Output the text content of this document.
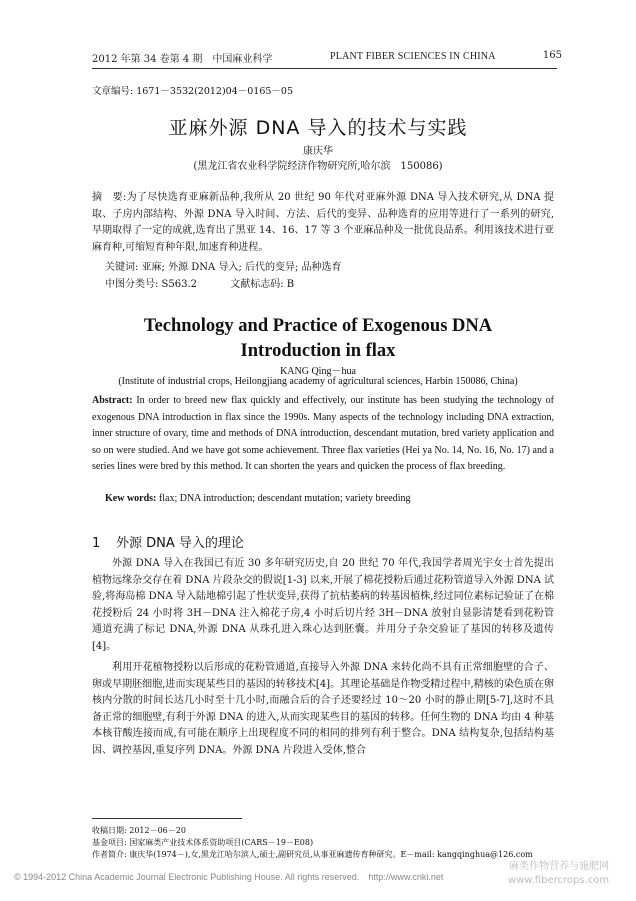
2012 年第 34 卷第 4 期　中国麻业科学	PLANT FIBER SCIENCES IN CHINA	165
文章编号: 1671－3532(2012)04－0165－05
亚麻外源 DNA 导入的技术与实践
康庆华
(黑龙江省农业科学院经济作物研究所,哈尔滨　150086)
摘　要:为了尽快选育亚麻新品种,我所从 20 世纪 90 年代对亚麻外源 DNA 导入技术研究,从 DNA 提取、子房内部结构、外源 DNA 导入时间、方法、后代的变异、品种选育的应用等进行了一系列的研究,早期取得了一定的成就,选育出了黑亚 14、16、17 等 3 个亚麻品种及一批优良品系。利用该技术进行亚麻育种,可缩短育种年限,加速育种进程。
关键词: 亚麻; 外源 DNA 导入; 后代的变异; 品种选育
中图分类号: S563.2	文献标志码: B
Technology and Practice of Exogenous DNA
Introduction in flax
KANG Qing－hua
(Institute of industrial crops, Heilongjiang academy of agricultural sciences, Harbin 150086, China)
Abstract: In order to breed new flax quickly and effectively, our institute has been studying the technology of exogenous DNA introduction in flax since the 1990s. Many aspects of the technology including DNA extraction, inner structure of ovary, time and methods of DNA introduction, descendant mutation, bred variety application and so on were studied. And we have got some achievement. Three flax varieties (Hei ya No. 14, No. 16, No. 17) and a series lines were bred by this method. It can shorten the years and quicken the process of flax breeding.
Kew words: flax; DNA introduction; descendant mutation; variety breeding
1 外源 DNA 导入的理论
外源 DNA 导入在我国已有近 30 多年研究历史,自 20 世纪 70 年代,我国学者周光宇女士首先提出植物远缘杂交存在着 DNA 片段杂交的假说[1-3] 以来,开展了棉花授粉后通过花粉管道导入外源 DNA 试验,将海岛棉 DNA 导入陆地棉引起了性状变异,获得了抗枯萎病的转基因植株,经过同位素标记验证了在棉花授粉后 24 小时将 3H－DNA 注入棉花子房,4 小时后切片经 3H－DNA 放射自显影清楚看到花粉管通道充满了标记 DNA,外源 DNA 从珠孔进入珠心达到胚囊。并用分子杂交验证了基因的转移及遗传[4]。
利用开花植物授粉以后形成的花粉管通道,直接导入外源 DNA 来转化尚不具有正常细胞壁的合子、卵或早期胚细胞,进而实现某些目的基因的转移技术[4]。其理论基础是作物受精过程中,精核的染色质在卵核内分散的时间长达几小时至十几小时,而融合后的合子还要经过 10～20 小时的静止期[5-7],这时不具备正常的细胞壁,有利于外源 DNA 的进入,从而实现某些目的基因的转移。任何生物的 DNA 均由 4 种基本核苷酸连接而成,有可能在顺序上出现程度不同的相同的排列有利于整合。DNA 结构复杂,包括结构基因、调控基因,重复序列 DNA。外源 DNA 片段进入受体,整合
收稿日期: 2012－06－20
基金项目: 国家麻类产业技术体系资助项目(CARS－19－E08)
作者简介: 康庆华(1974－),女,黑龙江哈尔滨人,硕士,副研究员,从事亚麻遗传育种研究。E－mail: kangqinghua@126.com
© 1994-2012 China Academic Journal Electronic Publishing House. All rights reserved.　http://www.cnki.net
麻类作物营养与施肥网
www.fibercrops.com
